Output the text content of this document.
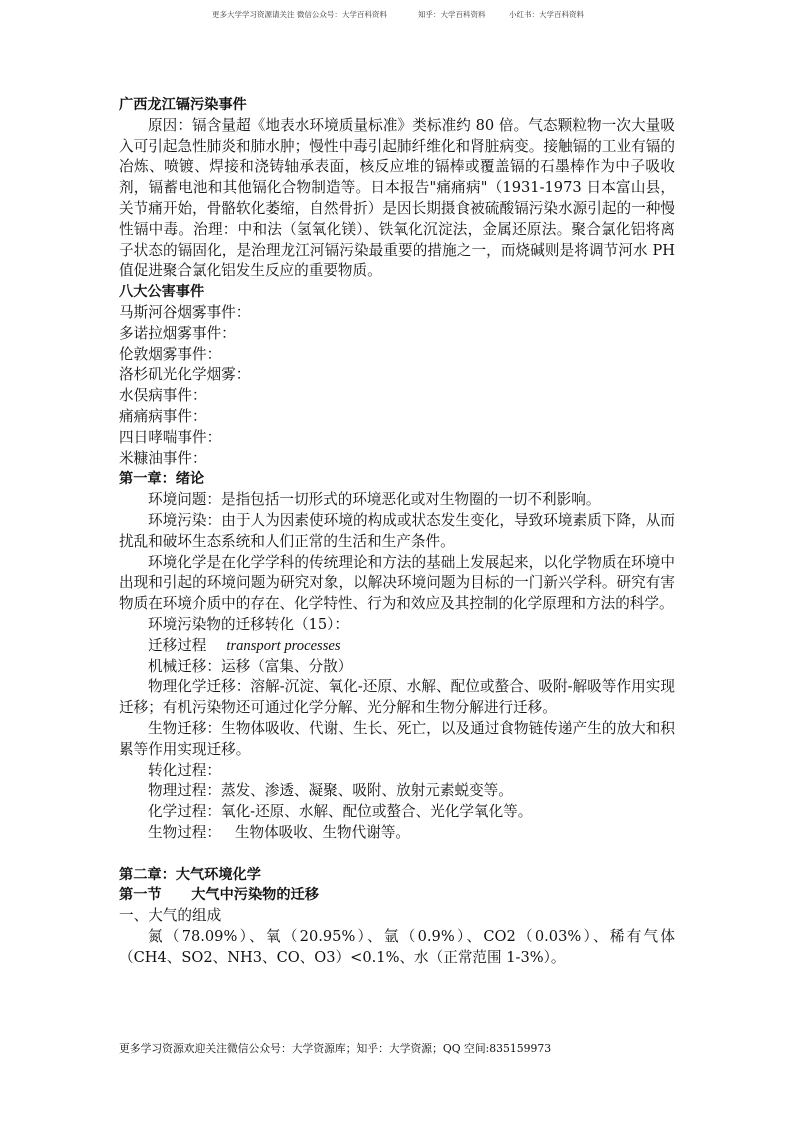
更多大学学习资源请关注 微信公众号：大学百科资料	知乎：大学百科资料	小红书：大学百科资料

广西龙江镉污染事件

原因：镉含量超《地表水环境质量标准》类标准约 80 倍。气态颗粒物一次大量吸入可引起急性肺炎和肺水肿；慢性中毒引起肺纤维化和肾脏病变。接触镉的工业有镉的冶炼、喷镀、焊接和浇铸轴承表面，核反应堆的镉棒或覆盖镉的石墨棒作为中子吸收剂，镉蓄电池和其他镉化合物制造等。日本报告"痛痛病"（1931-1973 日本富山县，关节痛开始，骨骼软化萎缩，自然骨折）是因长期摄食被硫酸镉污染水源引起的一种慢性镉中毒。治理：中和法（氢氧化镁）、铁氧化沉淀法，金属还原法。聚合氯化铝将离子状态的镉固化，是治理龙江河镉污染最重要的措施之一，而烧碱则是将调节河水 PH 值促进聚合氯化铝发生反应的重要物质。

八大公害事件

马斯河谷烟雾事件：

多诺拉烟雾事件：

伦敦烟雾事件：

洛杉矶光化学烟雾：

水俣病事件：

痛痛病事件：

四日哮喘事件：

米糠油事件：

第一章：绪论

环境问题：是指包括一切形式的环境恶化或对生物圈的一切不利影响。

环境污染：由于人为因素使环境的构成或状态发生变化，导致环境素质下降，从而扰乱和破坏生态系统和人们正常的生活和生产条件。

环境化学是在化学学科的传统理论和方法的基础上发展起来，以化学物质在环境中出现和引起的环境问题为研究对象，以解决环境问题为目标的一门新兴学科。研究有害物质在环境介质中的存在、化学特性、行为和效应及其控制的化学原理和方法的科学。

环境污染物的迁移转化（15）：

迁移过程 transport processes

机械迁移：运移（富集、分散）

物理化学迁移：溶解-沉淀、氧化-还原、水解、配位或螯合、吸附-解吸等作用实现迁移；有机污染物还可通过化学分解、光分解和生物分解进行迁移。

生物迁移：生物体吸收、代谢、生长、死亡，以及通过食物链传递产生的放大和积累等作用实现迁移。

转化过程：

物理过程：蒸发、渗透、凝聚、吸附、放射元素蜕变等。

化学过程：氧化-还原、水解、配位或螯合、光化学氧化等。

生物过程：   生物体吸收、生物代谢等。

第二章：大气环境化学

第一节      大气中污染物的迁移

一、大气的组成

氮（78.09%）、氧（20.95%）、氩（0.9%）、CO2（0.03%）、稀有气体（CH4、SO2、NH3、CO、O3）<0.1%、水（正常范围 1-3%）。

更多学习资源欢迎关注微信公众号：大学资源库；知乎：大学资源；QQ 空间:835159973
